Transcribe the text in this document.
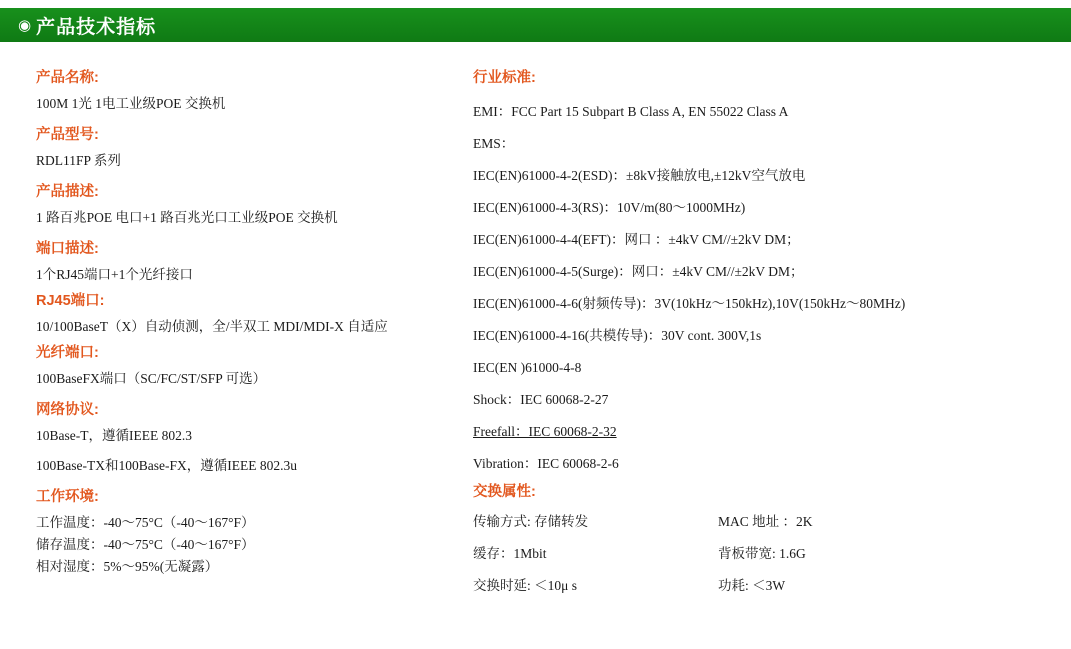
◉ 产品技术指标
产品名称:
100M 1光 1电工业级POE 交换机
产品型号:
RDL11FP 系列
产品描述:
1 路百兆POE 电口+1 路百兆光口工业级POE 交换机
端口描述:
1个RJ45端口+1个光纤接口
RJ45端口:
10/100BaseT（X）自动侦测，全/半双工 MDI/MDI-X 自适应
光纤端口:
100BaseFX端口（SC/FC/ST/SFP 可选）
网络协议:
10Base-T，遵循IEEE 802.3
100Base-TX和100Base-FX，遵循IEEE 802.3u
工作环境:
工作温度：-40～75°C（-40～167°F）
储存温度：-40～75°C（-40～167°F）
相对湿度：5%～95%(无凝露）
行业标准:
EMI：FCC Part 15 Subpart B Class A, EN 55022 Class A
EMS：
IEC(EN)61000-4-2(ESD)：±8kV接触放电,±12kV空气放电
IEC(EN)61000-4-3(RS)：10V/m(80～1000MHz)
IEC(EN)61000-4-4(EFT)：网口 ：±4kV CM//±2kV DM；
IEC(EN)61000-4-5(Surge)：网口：±4kV CM//±2kV DM；
IEC(EN)61000-4-6(射频传导)：3V(10kHz～150kHz),10V(150kHz～80MHz)
IEC(EN)61000-4-16(共模传导)：30V cont. 300V,1s
IEC(EN )61000-4-8
Shock：IEC 60068-2-27
Freefall：IEC 60068-2-32
Vibration：IEC 60068-2-6
交换属性:
传输方式: 存储转发	MAC 地址 ：2K
缓存：1Mbit	背板带宽: 1.6G
交换时延: ＜10μ s	功耗: ＜3W
